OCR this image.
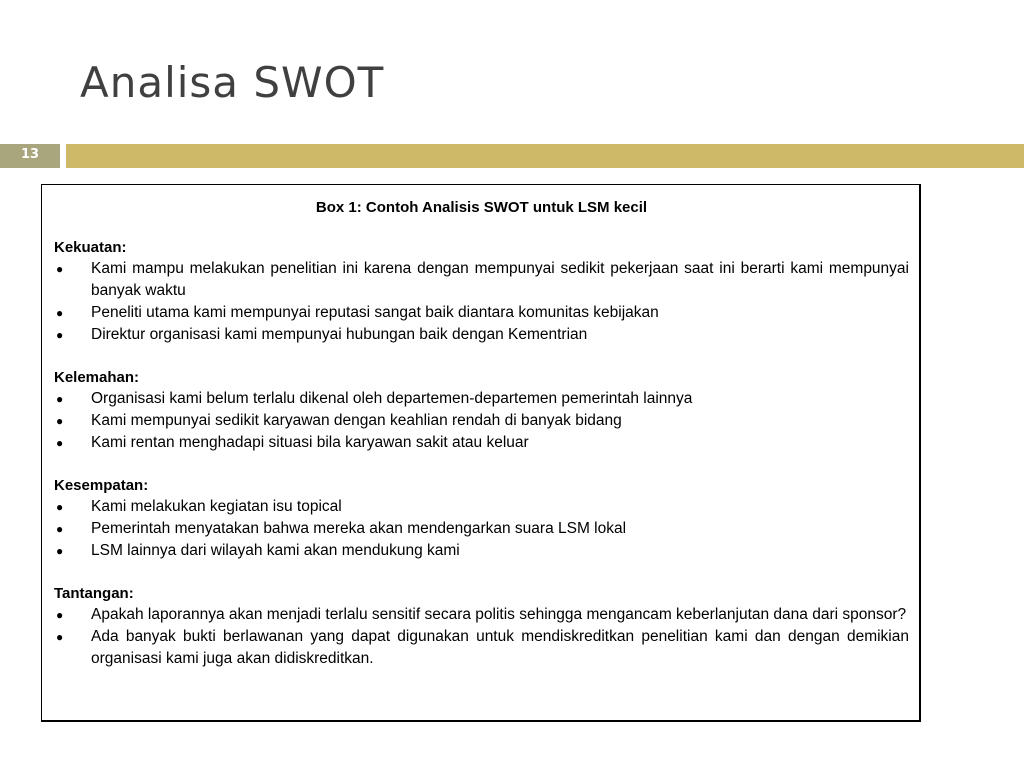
Analisa SWOT
13
Box 1: Contoh Analisis SWOT untuk LSM kecil
Kekuatan:
● Kami mampu melakukan penelitian ini karena dengan mempunyai sedikit pekerjaan saat ini berarti kami mempunyai banyak waktu
● Peneliti utama kami mempunyai reputasi sangat baik diantara komunitas kebijakan
● Direktur organisasi kami mempunyai hubungan baik dengan Kementrian
Kelemahan:
● Organisasi kami belum terlalu dikenal oleh departemen-departemen pemerintah lainnya
● Kami mempunyai sedikit karyawan dengan keahlian rendah di banyak bidang
● Kami rentan menghadapi situasi bila karyawan sakit atau keluar
Kesempatan:
● Kami melakukan kegiatan isu topical
● Pemerintah menyatakan bahwa mereka akan mendengarkan suara LSM lokal
● LSM lainnya dari wilayah kami akan mendukung kami
Tantangan:
● Apakah laporannya akan menjadi terlalu sensitif secara politis sehingga mengancam keberlanjutan dana dari sponsor?
● Ada banyak bukti berlawanan yang dapat digunakan untuk mendiskreditkan penelitian kami dan dengan demikian organisasi kami juga akan didiskreditkan.
